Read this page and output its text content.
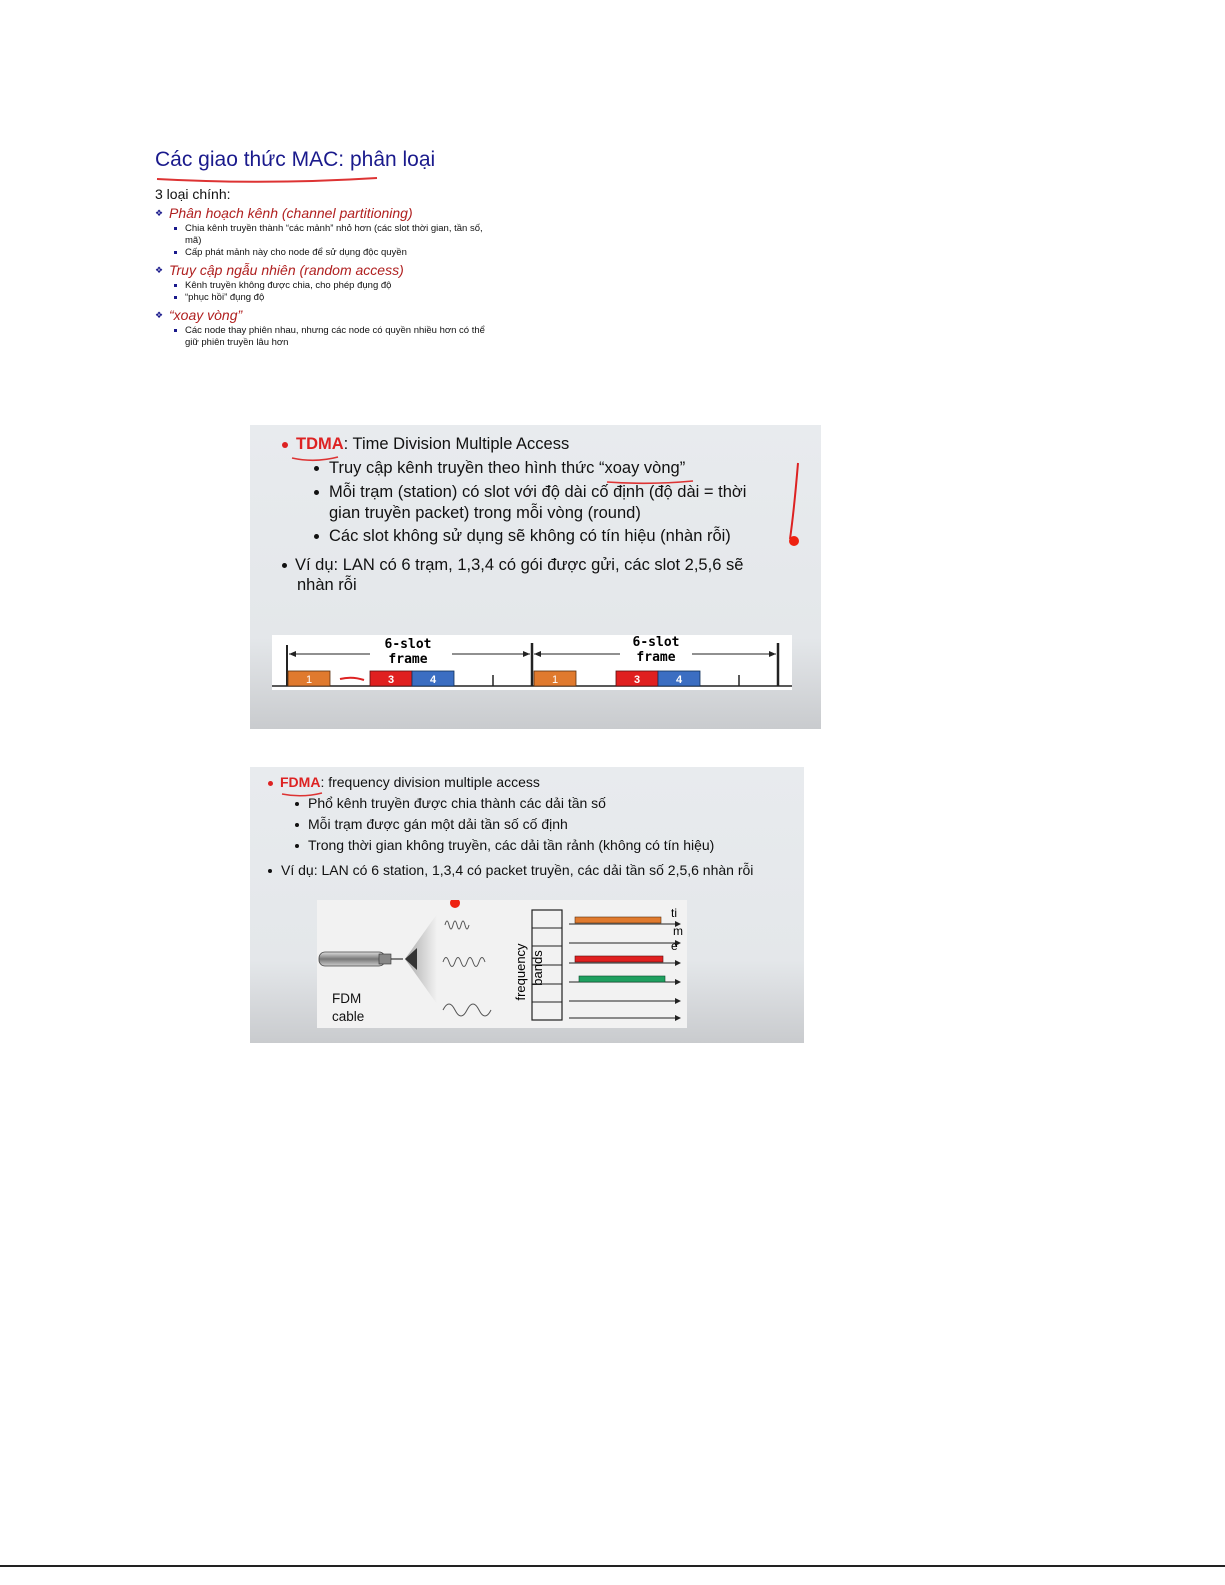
Các giao thức MAC: phân loại
3 loại chính:
❖ Phân hoạch kênh (channel partitioning)
Chia kênh truyền thành “các mảnh” nhỏ hơn (các slot thời gian, tần số, mã)
Cấp phát mảnh này cho node để sử dụng độc quyền
❖ Truy cập ngẫu nhiên (random access)
Kênh truyền không được chia, cho phép đụng độ
“phục hồi” đụng độ
❖ “xoay vòng”
Các node thay phiên nhau, nhưng các node có quyền nhiều hơn có thể giữ phiên truyền lâu hơn
TDMA: Time Division Multiple Access
Truy cập kênh truyền theo hình thức “xoay vòng”
Mỗi trạm (station) có slot với độ dài cố định (độ dài = thời
gian truyền packet) trong mỗi vòng (round)
Các slot không sử dụng sẽ không có tín hiệu (nhàn rỗi)
Ví dụ: LAN có 6 trạm, 1,3,4 có gói được gửi, các slot 2,5,6 sẽ
nhàn rỗi
6-slot
frame
6-slot
frame
1	3	4	1	3	4
FDMA: frequency division multiple access
Phổ kênh truyền được chia thành các dải tần số
Mỗi trạm được gán một dải tần số cố định
Trong thời gian không truyền, các dải tần rảnh (không có tín hiệu)
Ví dụ: LAN có 6 station, 1,3,4 có packet truyền, các dải tần số 2,5,6 nhàn rỗi
frequency bands
ti
m
e
FDM
cable
